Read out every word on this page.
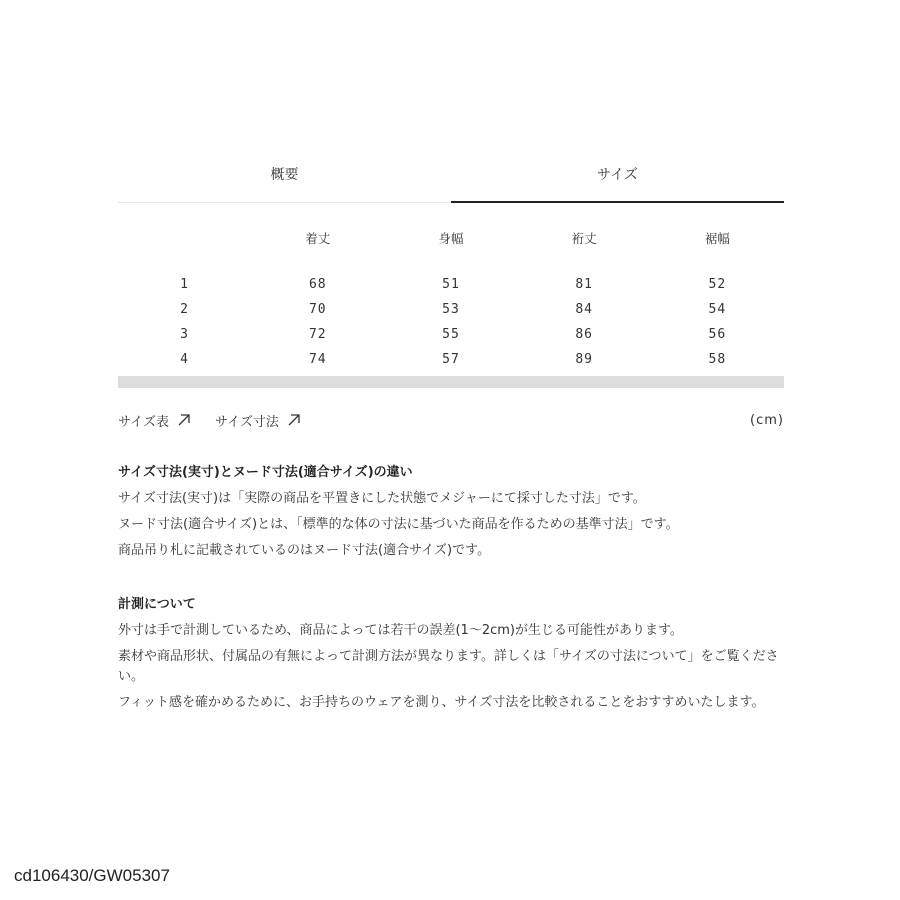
概要	サイズ
	着丈	身幅	裄丈	裾幅

1	68	51	81	52
2	70	53	84	54
3	72	55	86	56
4	74	57	89	58
サイズ表	サイズ寸法	(cm)
サイズ寸法(実寸)とヌード寸法(適合サイズ)の違い

サイズ寸法(実寸)は「実際の商品を平置きにした状態でメジャーにて採寸した寸法」です。

ヌード寸法(適合サイズ)とは、「標準的な体の寸法に基づいた商品を作るための基準寸法」です。

商品吊り札に記載されているのはヌード寸法(適合サイズ)です。

計測について

外寸は手で計測しているため、商品によっては若干の誤差(1〜2cm)が生じる可能性があります。

素材や商品形状、付属品の有無によって計測方法が異なります。詳しくは「サイズの寸法について」をご覧ください。

フィット感を確かめるために、お手持ちのウェアを測り、サイズ寸法を比較されることをおすすめいたします。

cd106430/GW05307
